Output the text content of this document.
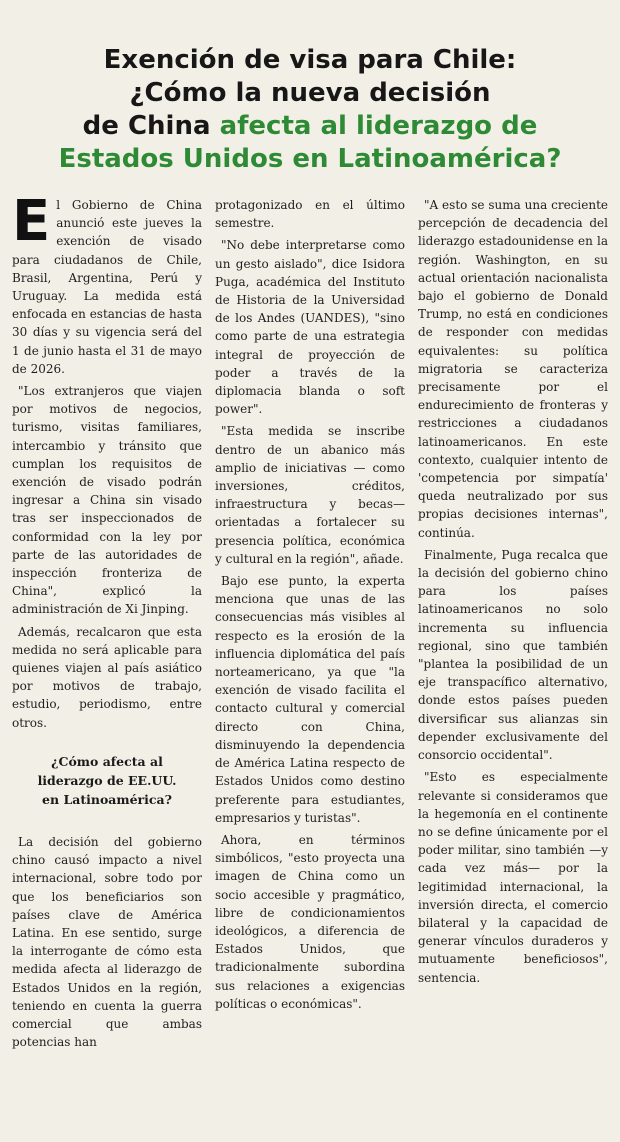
Exención de visa para Chile:
¿Cómo la nueva decisión
de China afecta al liderazgo de
Estados Unidos en Latinoamérica?

El Gobierno de China anunció este jueves la exención de visado para ciudadanos de Chile, Brasil, Argentina, Perú y Uruguay. La medida está enfocada en estancias de hasta 30 días y su vigencia será del 1 de junio hasta el 31 de mayo de 2026.

"Los extranjeros que viajen por motivos de negocios, turismo, visitas familiares, intercambio y tránsito que cumplan los requisitos de exención de visado podrán ingresar a China sin visado tras ser inspeccionados de conformidad con la ley por parte de las autoridades de inspección fronteriza de China", explicó la administración de Xi Jinping.

Además, recalcaron que esta medida no será aplicable para quienes viajen al país asiático por motivos de trabajo, estudio, periodismo, entre otros.

¿Cómo afecta al liderazgo de EE.UU. en Latinoamérica?

La decisión del gobierno chino causó impacto a nivel internacional, sobre todo por que los beneficiarios son países clave de América Latina. En ese sentido, surge la interrogante de cómo esta medida afecta al liderazgo de Estados Unidos en la región, teniendo en cuenta la guerra comercial que ambas potencias han

protagonizado en el último semestre.

"No debe interpretarse como un gesto aislado", dice Isidora Puga, académica del Instituto de Historia de la Universidad de los Andes (UANDES), "sino como parte de una estrategia integral de proyección de poder a través de la diplomacia blanda o soft power".

"Esta medida se inscribe dentro de un abanico más amplio de iniciativas — como inversiones, créditos, infraestructura y becas— orientadas a fortalecer su presencia política, económica y cultural en la región", añade.

Bajo ese punto, la experta menciona que unas de las consecuencias más visibles al respecto es la erosión de la influencia diplomática del país norteamericano, ya que "la exención de visado facilita el contacto cultural y comercial directo con China, disminuyendo la dependencia de América Latina respecto de Estados Unidos como destino preferente para estudiantes, empresarios y turistas".

Ahora, en términos simbólicos, "esto proyecta una imagen de China como un socio accesible y pragmático, libre de condicionamientos ideológicos, a diferencia de Estados Unidos, que tradicionalmente subordina sus relaciones a exigencias políticas o económicas".

"A esto se suma una creciente percepción de decadencia del liderazgo estadounidense en la región. Washington, en su actual orientación nacionalista bajo el gobierno de Donald Trump, no está en condiciones de responder con medidas equivalentes: su política migratoria se caracteriza precisamente por el endurecimiento de fronteras y restricciones a ciudadanos latinoamericanos. En este contexto, cualquier intento de 'competencia por simpatía' queda neutralizado por sus propias decisiones internas", continúa.

Finalmente, Puga recalca que la decisión del gobierno chino para los países latinoamericanos no solo incrementa su influencia regional, sino que también "plantea la posibilidad de un eje transpacífico alternativo, donde estos países pueden diversificar sus alianzas sin depender exclusivamente del consorcio occidental".

"Esto es especialmente relevante si consideramos que la hegemonía en el continente no se define únicamente por el poder militar, sino también —y cada vez más— por la legitimidad internacional, la inversión directa, el comercio bilateral y la capacidad de generar vínculos duraderos y mutuamente beneficiosos", sentencia.
